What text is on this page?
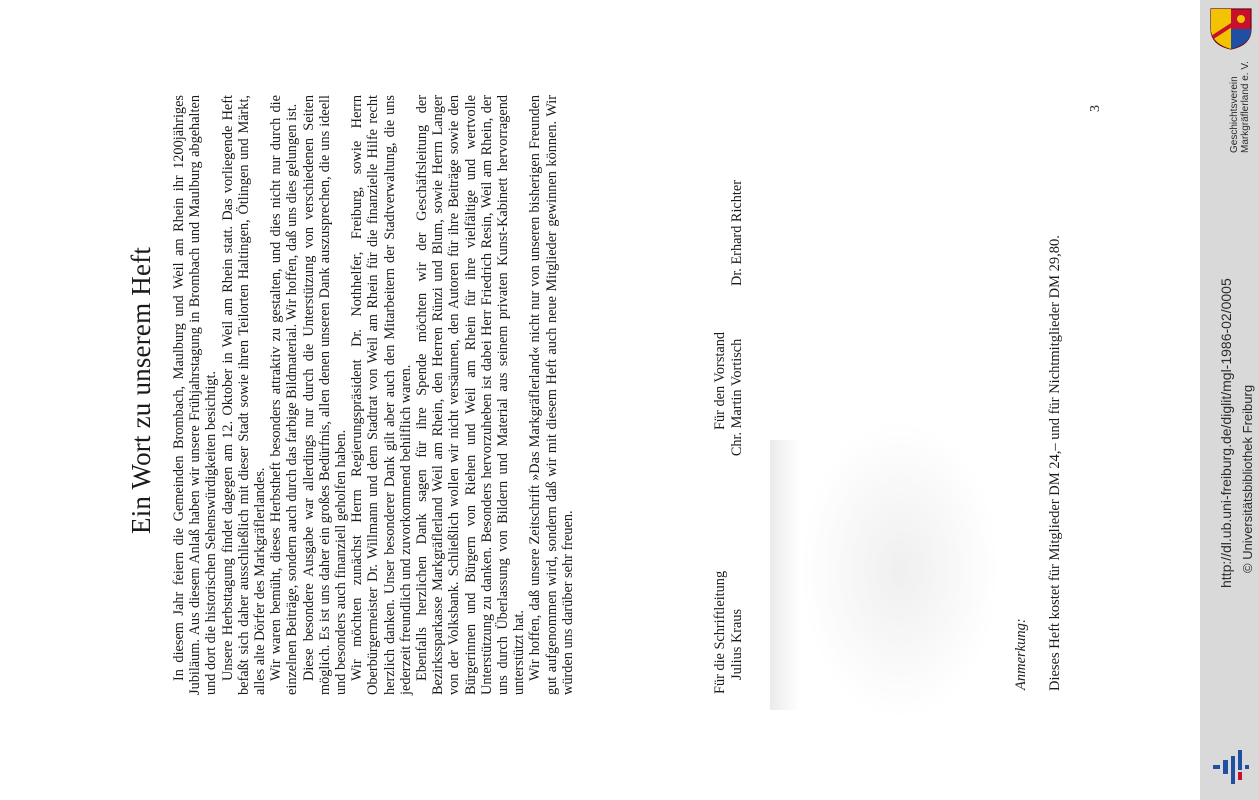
Ein Wort zu unserem Heft In diesem Jahr feiern die Gemeinden Brombach, Maulburg und Weil am Rhein ihr 1200jähriges Jubiläum. Aus diesem Anlaß haben wir unsere Frühjahrstagung in Brombach und Maulburg abgehalten und dort die historischen Sehenswürdigkeiten besichtigt. Unsere Herbsttagung findet dagegen am 12. Oktober in Weil am Rhein statt. Das vorliegende Heft befaßt sich daher ausschließlich mit dieser Stadt sowie ihren Teilorten Haltingen, Ötlingen und Märkt, alles alte Dörfer des Markgräflerlandes. Wir waren bemüht, dieses Herbstheft besonders attraktiv zu gestalten, und dies nicht nur durch die einzelnen Beiträge, sondern auch durch das farbige Bildmaterial. Wir hoffen, daß uns dies gelungen ist. Diese besondere Ausgabe war allerdings nur durch die Unterstützung von verschiedenen Seiten möglich. Es ist uns daher ein großes Bedürfnis, allen denen unseren Dank auszusprechen, die uns ideell und besonders auch finanziell geholfen haben. Wir möchten zunächst Herrn Regierungspräsident Dr. Nothhelfer, Freiburg, sowie Herrn Oberbürgermeister Dr. Willmann und dem Stadtrat von Weil am Rhein für die finanzielle Hilfe recht herzlich danken. Unser besonderer Dank gilt aber auch den Mitarbeitern der Stadtverwaltung, die uns jederzeit freundlich und zuvorkommend behilflich waren. Ebenfalls herzlichen Dank sagen für ihre Spende möchten wir der Geschäftsleitung der Bezirkssparkasse Markgräflerland Weil am Rhein, den Herren Rünzi und Blum, sowie Herrn Langer von der Volksbank. Schließlich wollen wir nicht versäumen, den Autoren für ihre Beiträge sowie den Bürgerinnen und Bürgern von Riehen und Weil am Rhein für ihre vielfältige und wertvolle Unterstützung zu danken. Besonders hervorzuheben ist dabei Herr Friedrich Resin, Weil am Rhein, der uns durch Überlassung von Bildern und Material aus seinem privaten Kunst-Kabinett hervorragend unterstützt hat. Wir hoffen, daß unsere Zeitschrift »Das Markgräflerland« nicht nur von unseren bisherigen Freunden gut aufgenommen wird, sondern daß wir mit diesem Heft auch neue Mitglieder gewinnen können. Wir würden uns darüber sehr freuen.	Für die Schriftleitung
Für den Vorstand
Julius Kraus
Chr. Martin Vortisch
Dr. Erhard Richter
Anmerkung: Dieses Heft kostet für Mitglieder DM 24,– und für Nichtmitglieder DM 29,80.
3	Geschichtsverein Markgräflerland e. V.
http://dl.ub.uni-freiburg.de/diglit/mgl-1986-02/0005 © Universitätsbibliothek Freiburg
